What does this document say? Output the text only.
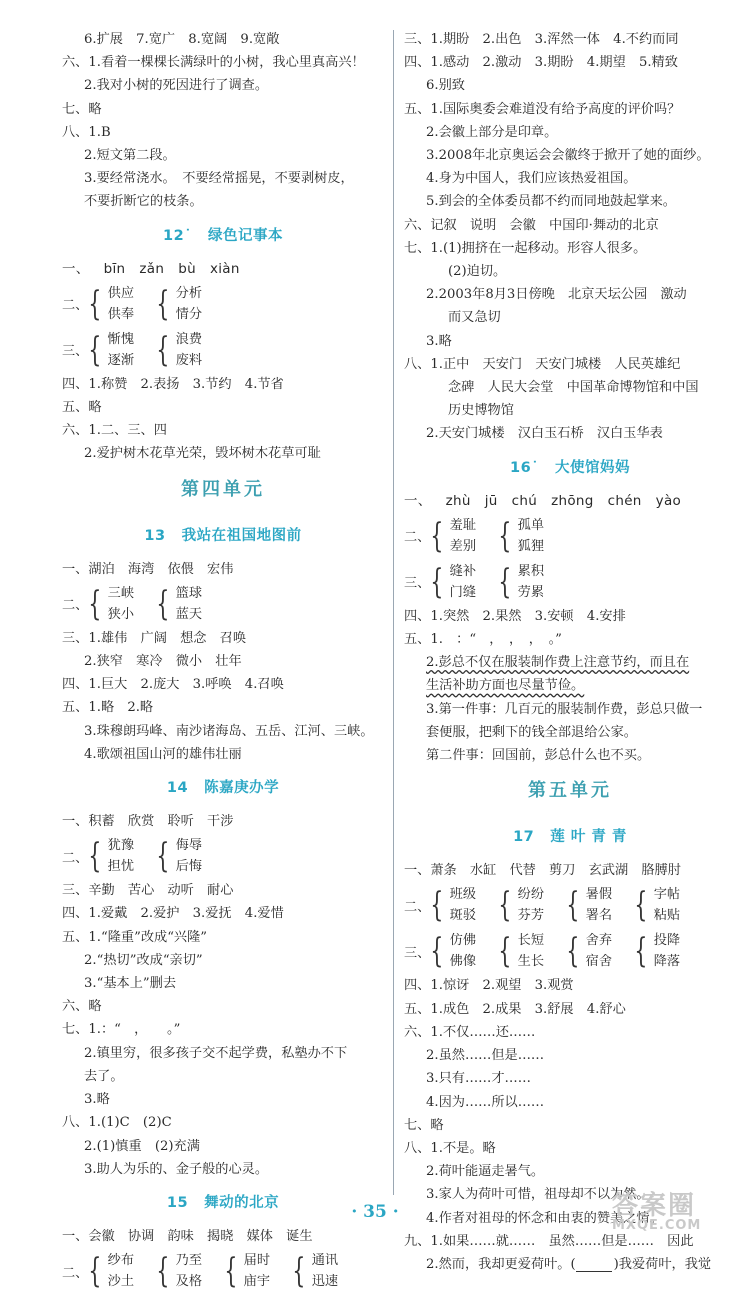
6.扩展　7.宽广　8.宽阔　9.宽敞
六、1.看着一棵棵长满绿叶的小树，我心里真高兴！
2.我对小树的死因进行了调查。
七、略
八、1.B
2.短文第二段。
3.要经常浇水。　不要经常摇晃，不要剥树皮，
不要折断它的枝条。
12˙ 绿色记事本
一、 bīn zǎn bù xiàn
二、 { 供应
供奉 { 分析
情分
三、 { 惭愧
逐渐 { 浪费
废料
四、1.称赞　2.表扬　3.节约　4.节省
五、略
六、1.二、三、四
2.爱护树木花草光荣，毁坏树木花草可耻
第四单元
13 我站在祖国地图前
一、湖泊　海湾　依偎　宏伟
二、 { 三峡
狭小 { 篮球
蓝天
三、1.雄伟　广阔　想念　召唤
2.狭窄　寒冷　微小　壮年
四、1.巨大　2.庞大　3.呼唤　4.召唤
五、1.略　2.略
3.珠穆朗玛峰、南沙诸海岛、五岳、江河、三峡。
4.歌颂祖国山河的雄伟壮丽
14 陈嘉庚办学
一、积蓄　欣赏　聆听　干涉
二、 { 犹豫
担忧 { 侮辱
后悔
三、辛勤　苦心　动听　耐心
四、1.爱戴　2.爱护　3.爱抚　4.爱惜
五、1.“隆重”改成“兴隆”
2.“热切”改成“亲切”
3.“基本上”删去
六、略
七、1.：“　，　　。”
2.镇里穷，很多孩子交不起学费，私塾办不下
去了。
3.略
八、1.(1)C　(2)C
2.(1)慎重　(2)充满
3.助人为乐的、金子般的心灵。
15 舞动的北京
一、会徽　协调　韵味　揭晓　媒体　诞生
二、 { 纱布
沙土 { 乃至
及格 { 届时
庙宇 { 通讯
迅速
三、1.期盼　2.出色　3.浑然一体　4.不约而同
四、1.感动　2.激动　3.期盼　4.期望　5.精致
6.别致
五、1.国际奥委会难道没有给予高度的评价吗？
2.会徽上部分是印章。
3.2008年北京奥运会会徽终于掀开了她的面纱。
4.身为中国人，我们应该热爱祖国。
5.到会的全体委员都不约而同地鼓起掌来。
六、记叙　说明　会徽　中国印·舞动的北京
七、1.(1)拥挤在一起移动。形容人很多。
(2)迫切。
2.2003年8月3日傍晚　北京天坛公园　激动
而又急切
3.略
八、1.正中　天安门　天安门城楼　人民英雄纪
念碑　人民大会堂　中国革命博物馆和中国
历史博物馆
2.天安门城楼　汉白玉石桥　汉白玉华表
16˙ 大使馆妈妈
一、 zhù jū chú zhōng chén yào
二、 { 羞耻
差别 { 孤单
狐狸
三、 { 缝补
门缝 { 累积
劳累
四、1.突然　2.果然　3.安顿　4.安排
五、1.　：“　，　，　，　。”
2.彭总不仅在服装制作费上注意节约，而且在
生活补助方面也尽量节俭。
3.第一件事：几百元的服装制作费，彭总只做一
套便服，把剩下的钱全部退给公家。
第二件事：回国前，彭总什么也不买。
第五单元
17 莲 叶 青 青
一、萧条　水缸　代替　剪刀　玄武湖　胳膊肘
二、 { 班级
斑驳 { 纷纷
芬芳 { 暑假
署名 { 字帖
粘贴
三、 { 仿佛
佛像 { 长短
生长 { 舍弃
宿舍 { 投降
降落
四、1.惊讶　2.观望　3.观赏
五、1.成色　2.成果　3.舒展　4.舒心
六、1.不仅……还……
2.虽然……但是……
3.只有……才……
4.因为……所以……
七、略
八、1.不是。略
2.荷叶能逼走暑气。
3.家人为荷叶可惜，祖母却不以为然。
4.作者对祖母的怀念和由衷的赞美之情。
九、1.如果……就……　虽然……但是……　因此
2.然而，我却更爱荷叶。(	)我爱荷叶，我觉
· 35 ·	答案圈
MXQE.COM
